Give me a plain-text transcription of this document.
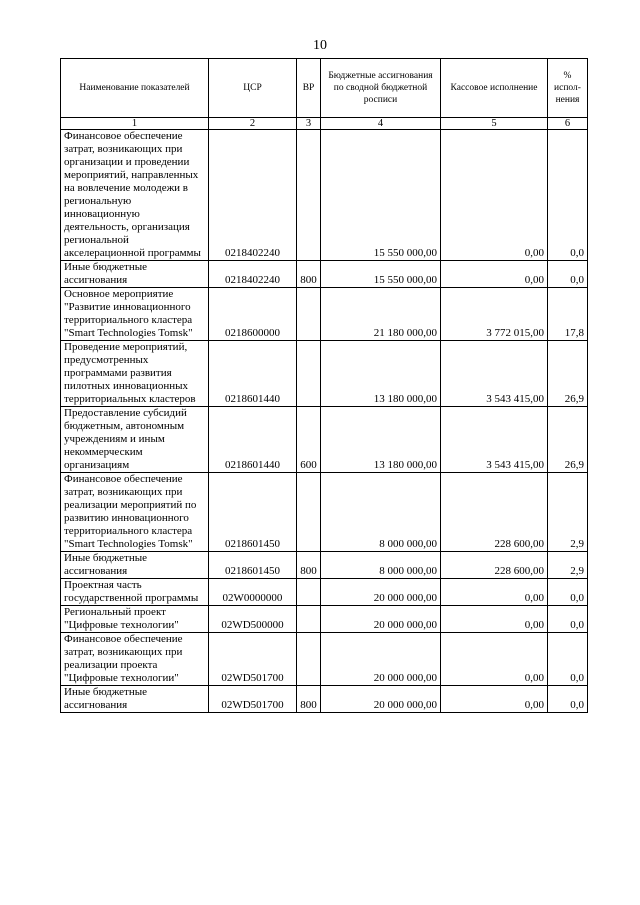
10
Наименование показателей	ЦСР	ВР	Бюджетные ассигнования по сводной бюджетной росписи	Кассовое исполнение	% испол- нения
1	2	3	4	5	6
Финансовое обеспечение затрат, возникающих при организации и проведении мероприятий, направленных на вовлечение молодежи в региональную инновационную деятельность, организация региональной акселерационной программы	0218402240		15 550 000,00	0,00	0,0
Иные бюджетные ассигнования	0218402240	800	15 550 000,00	0,00	0,0
Основное мероприятие "Развитие инновационного территориального кластера "Smart Technologies Tomsk"	0218600000		21 180 000,00	3 772 015,00	17,8
Проведение мероприятий, предусмотренных программами развития пилотных инновационных территориальных кластеров	0218601440		13 180 000,00	3 543 415,00	26,9
Предоставление субсидий бюджетным, автономным учреждениям и иным некоммерческим организациям	0218601440	600	13 180 000,00	3 543 415,00	26,9
Финансовое обеспечение затрат, возникающих при реализации мероприятий по развитию инновационного территориального кластера "Smart Technologies Tomsk"	0218601450		8 000 000,00	228 600,00	2,9
Иные бюджетные ассигнования	0218601450	800	8 000 000,00	228 600,00	2,9
Проектная часть государственной программы	02W0000000		20 000 000,00	0,00	0,0
Региональный проект "Цифровые технологии"	02WD500000		20 000 000,00	0,00	0,0
Финансовое обеспечение затрат, возникающих при реализации проекта "Цифровые технологии"	02WD501700		20 000 000,00	0,00	0,0
Иные бюджетные ассигнования	02WD501700	800	20 000 000,00	0,00	0,0
